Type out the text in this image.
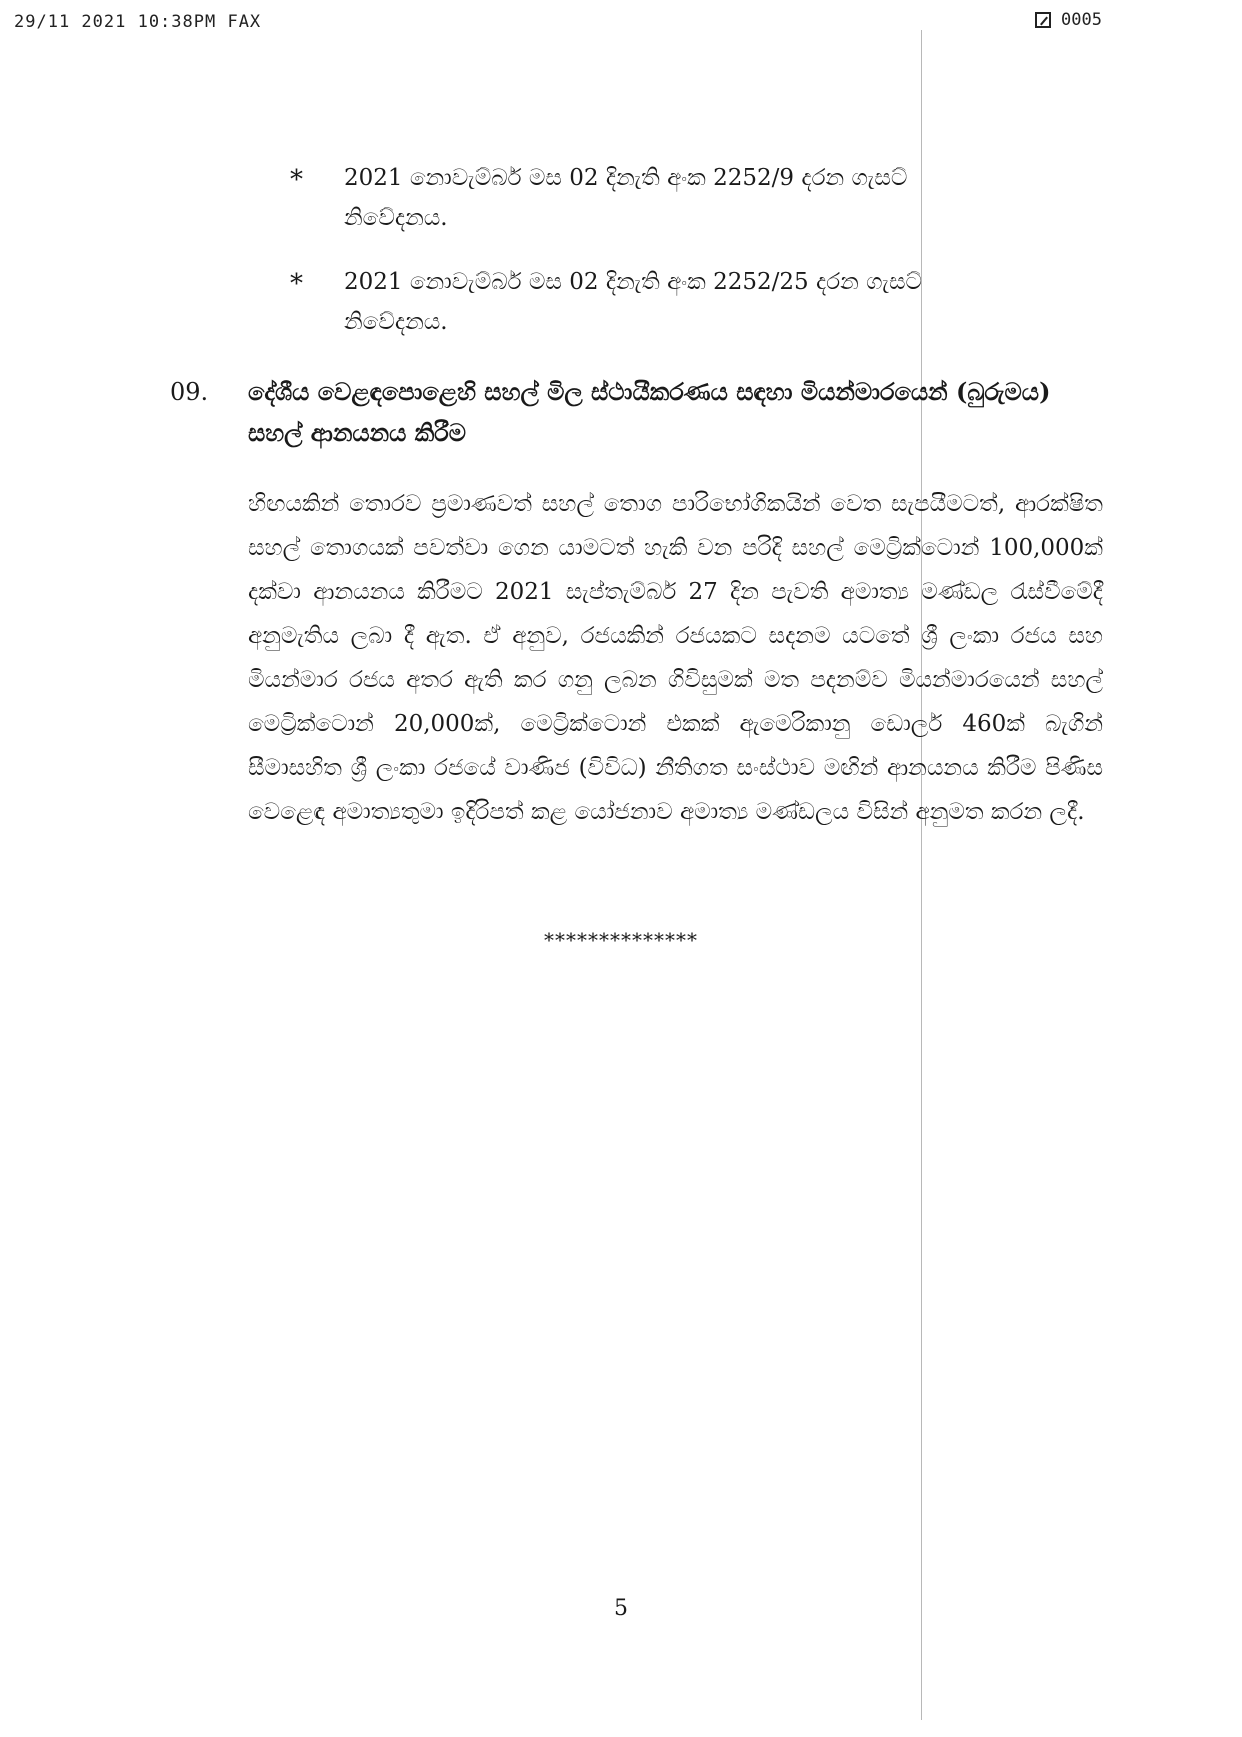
29/11 2021 10:38PM FAX	0005
*	2021 නොවැම්බර් මස 02 දිනැති අංක 2252/9 දරන ගැසට් නිවේදනය.
*	2021 නොවැම්බර් මස 02 දිනැති අංක 2252/25 දරන ගැසට් නිවේදනය.
09.	දේශීය වෙළඳපොළෙහි සහල් මිල ස්ථායීකරණය සඳහා මියන්මාරයෙන් (බුරුමය) සහල් ආනයනය කිරීම
හිඟයකින් තොරව ප්‍රමාණවත් සහල් තොග පාරිභෝගිකයින් වෙත සැපයීමටත්, ආරක්ෂිත සහල් තොගයක් පවත්වා ගෙන යාමටත් හැකි වන පරිදි සහල් මෙට්‍රික්ටොන් 100,000ක් දක්වා ආනයනය කිරීමට 2021 සැප්තැම්බර් 27 දින පැවති අමාත්‍ය මණ්ඩල රැස්වීමේදී අනුමැතිය ලබා දී ඇත. ඒ අනුව, රජයකින් රජයකට සදනම යටතේ ශ්‍රී ලංකා රජය සහ මියන්මාර රජය අතර ඇති කර ගනු ලබන ගිවිසුමක් මත පදනම්ව මියන්මාරයෙන් සහල් මෙට්‍රික්ටොන් 20,000ක්, මෙට්‍රික්ටොන් එකක් ඇමෙරිකානු ඩොලර් 460ක් බැගින් සීමාසහිත ශ්‍රී ලංකා රජයේ වාණිජ (විවිධ) නීතිගත සංස්ථාව මඟින් ආනයනය කිරීම පිණිස වෙළෙඳ අමාත්‍යතුමා ඉදිරිපත් කළ යෝජනාව අමාත්‍ය මණ්ඩලය විසින් අනුමත කරන ලදී.
**************
5
